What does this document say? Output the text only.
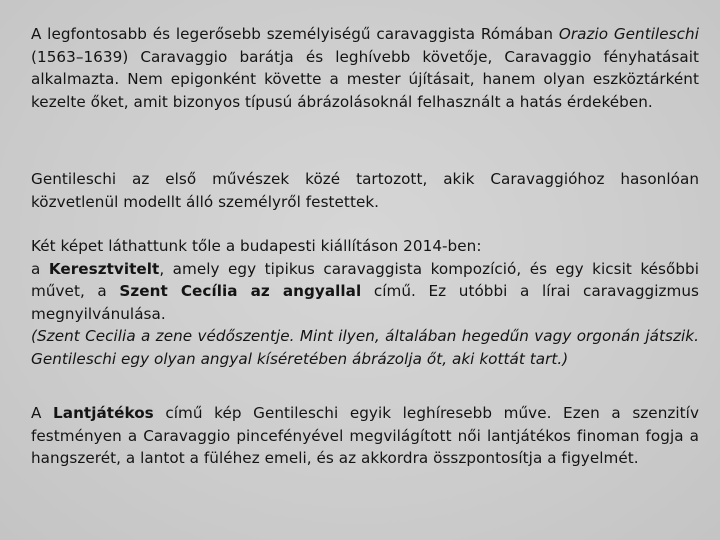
A legfontosabb és legerősebb személyiségű caravaggista Rómában Orazio Gentileschi (1563–1639) Caravaggio barátja és leghívebb követője, Caravaggio fényhatásait alkalmazta. Nem epigonként követte a mester újításait, hanem olyan eszköztárként kezelte őket, amit bizonyos típusú ábrázolásoknál felhasznált a hatás érdekében.
Gentileschi az első művészek közé tartozott, akik Caravaggióhoz hasonlóan közvetlenül modellt álló személyről festettek.
Két képet láthattunk tőle a budapesti kiállításon 2014-ben:
a Keresztvitelt, amely egy tipikus caravaggista kompozíció, és egy kicsit későbbi művet, a Szent Cecília az angyallal című. Ez utóbbi a lírai caravaggizmus megnyilvánulása.
(Szent Cecilia a zene védőszentje. Mint ilyen, általában hegedűn vagy orgonán játszik. Gentileschi egy olyan angyal kíséretében ábrázolja őt, aki kottát tart.)
A Lantjátékos című kép Gentileschi egyik leghíresebb műve. Ezen a szenzitív festményen a Caravaggio pincefényével megvilágított női lantjátékos finoman fogja a hangszerét, a lantot a füléhez emeli, és az akkordra összpontosítja a figyelmét.
